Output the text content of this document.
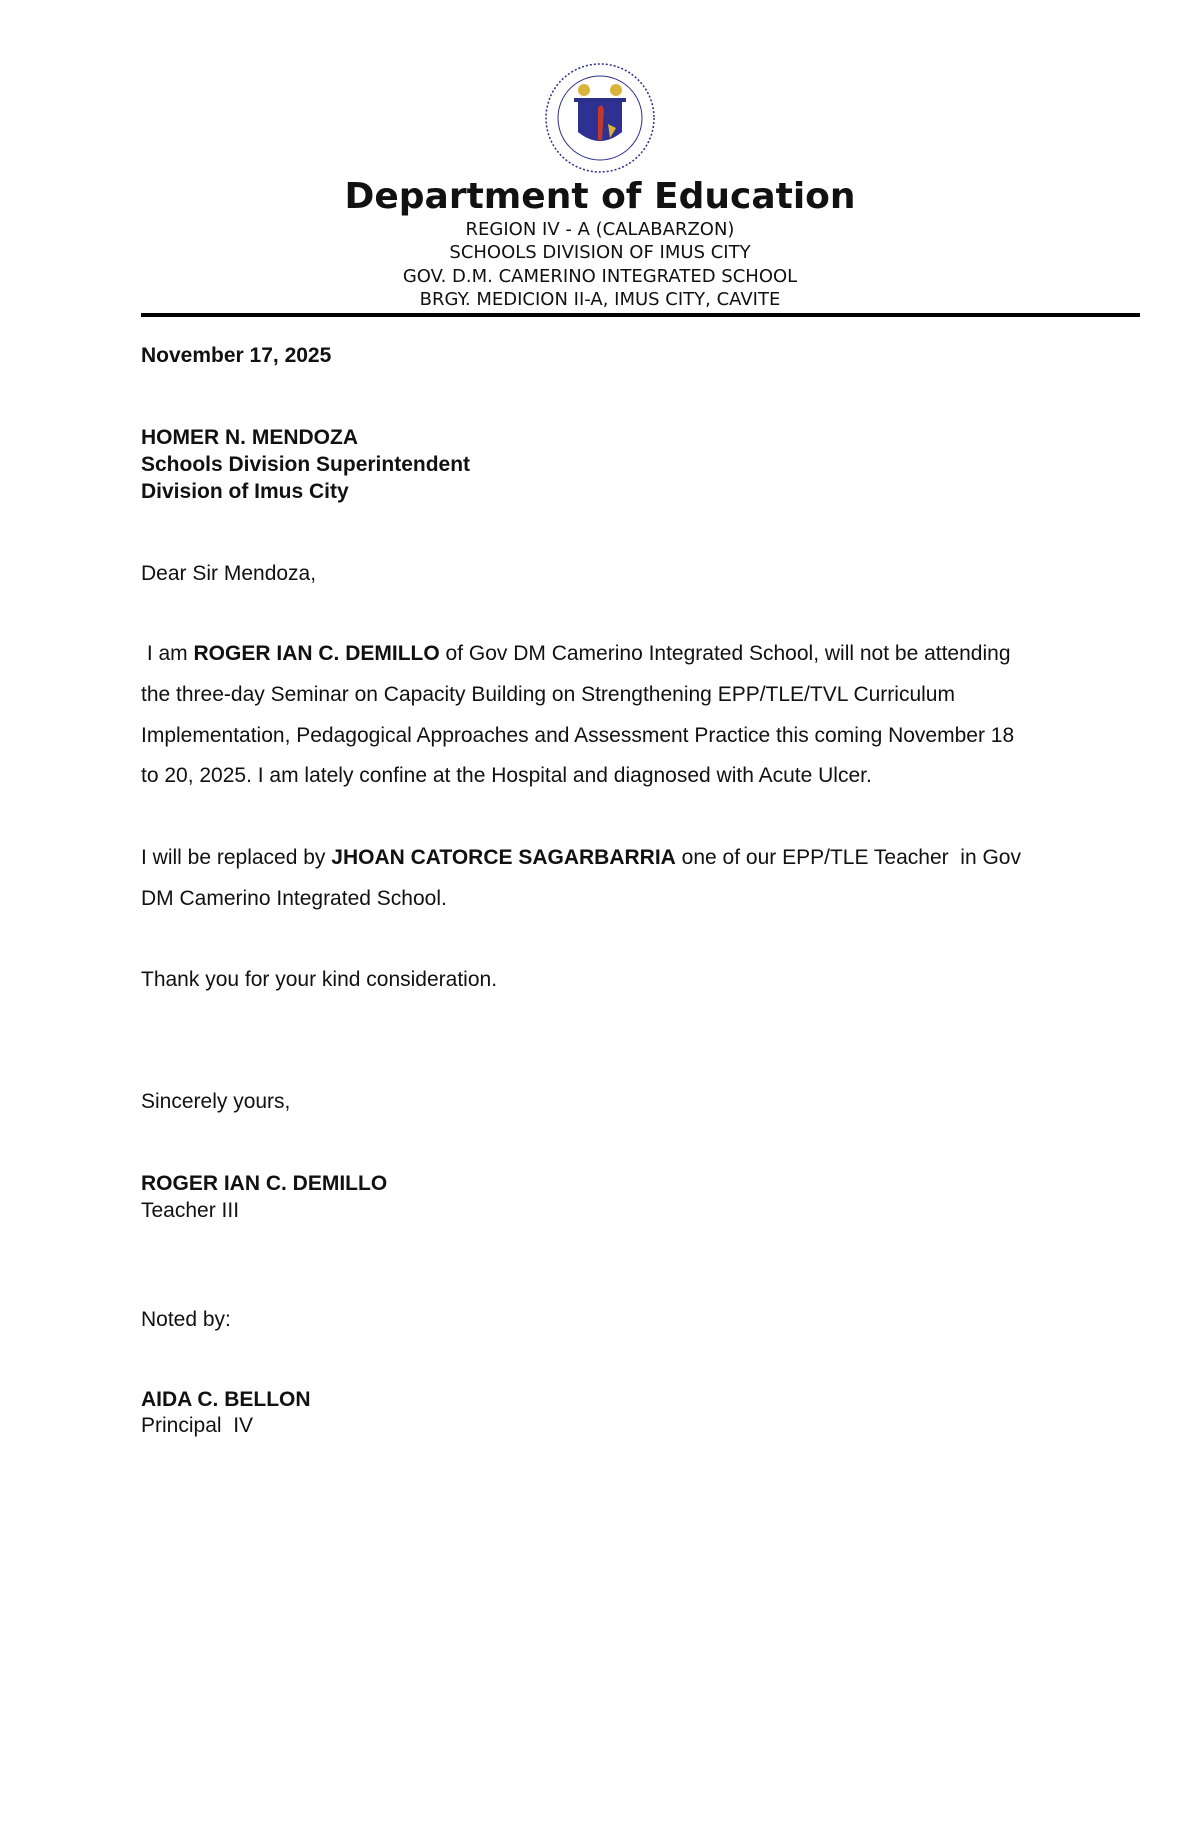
Department of Education
REGION IV - A (CALABARZON)
SCHOOLS DIVISION OF IMUS CITY
GOV. D.M. CAMERINO INTEGRATED SCHOOL
BRGY. MEDICION II-A, IMUS CITY, CAVITE
November 17, 2025
HOMER N. MENDOZA
Schools Division Superintendent
Division of Imus City
Dear Sir Mendoza,
I am ROGER IAN C. DEMILLO of Gov DM Camerino Integrated School, will not be attending
the three-day Seminar on Capacity Building on Strengthening EPP/TLE/TVL Curriculum
Implementation, Pedagogical Approaches and Assessment Practice this coming November 18
to 20, 2025. I am lately confine at the Hospital and diagnosed with Acute Ulcer.
I will be replaced by JHOAN CATORCE SAGARBARRIA one of our EPP/TLE Teacher  in Gov
DM Camerino Integrated School.
Thank you for your kind consideration.
Sincerely yours,
ROGER IAN C. DEMILLO
Teacher III
Noted by:
AIDA C. BELLON
Principal  IV
